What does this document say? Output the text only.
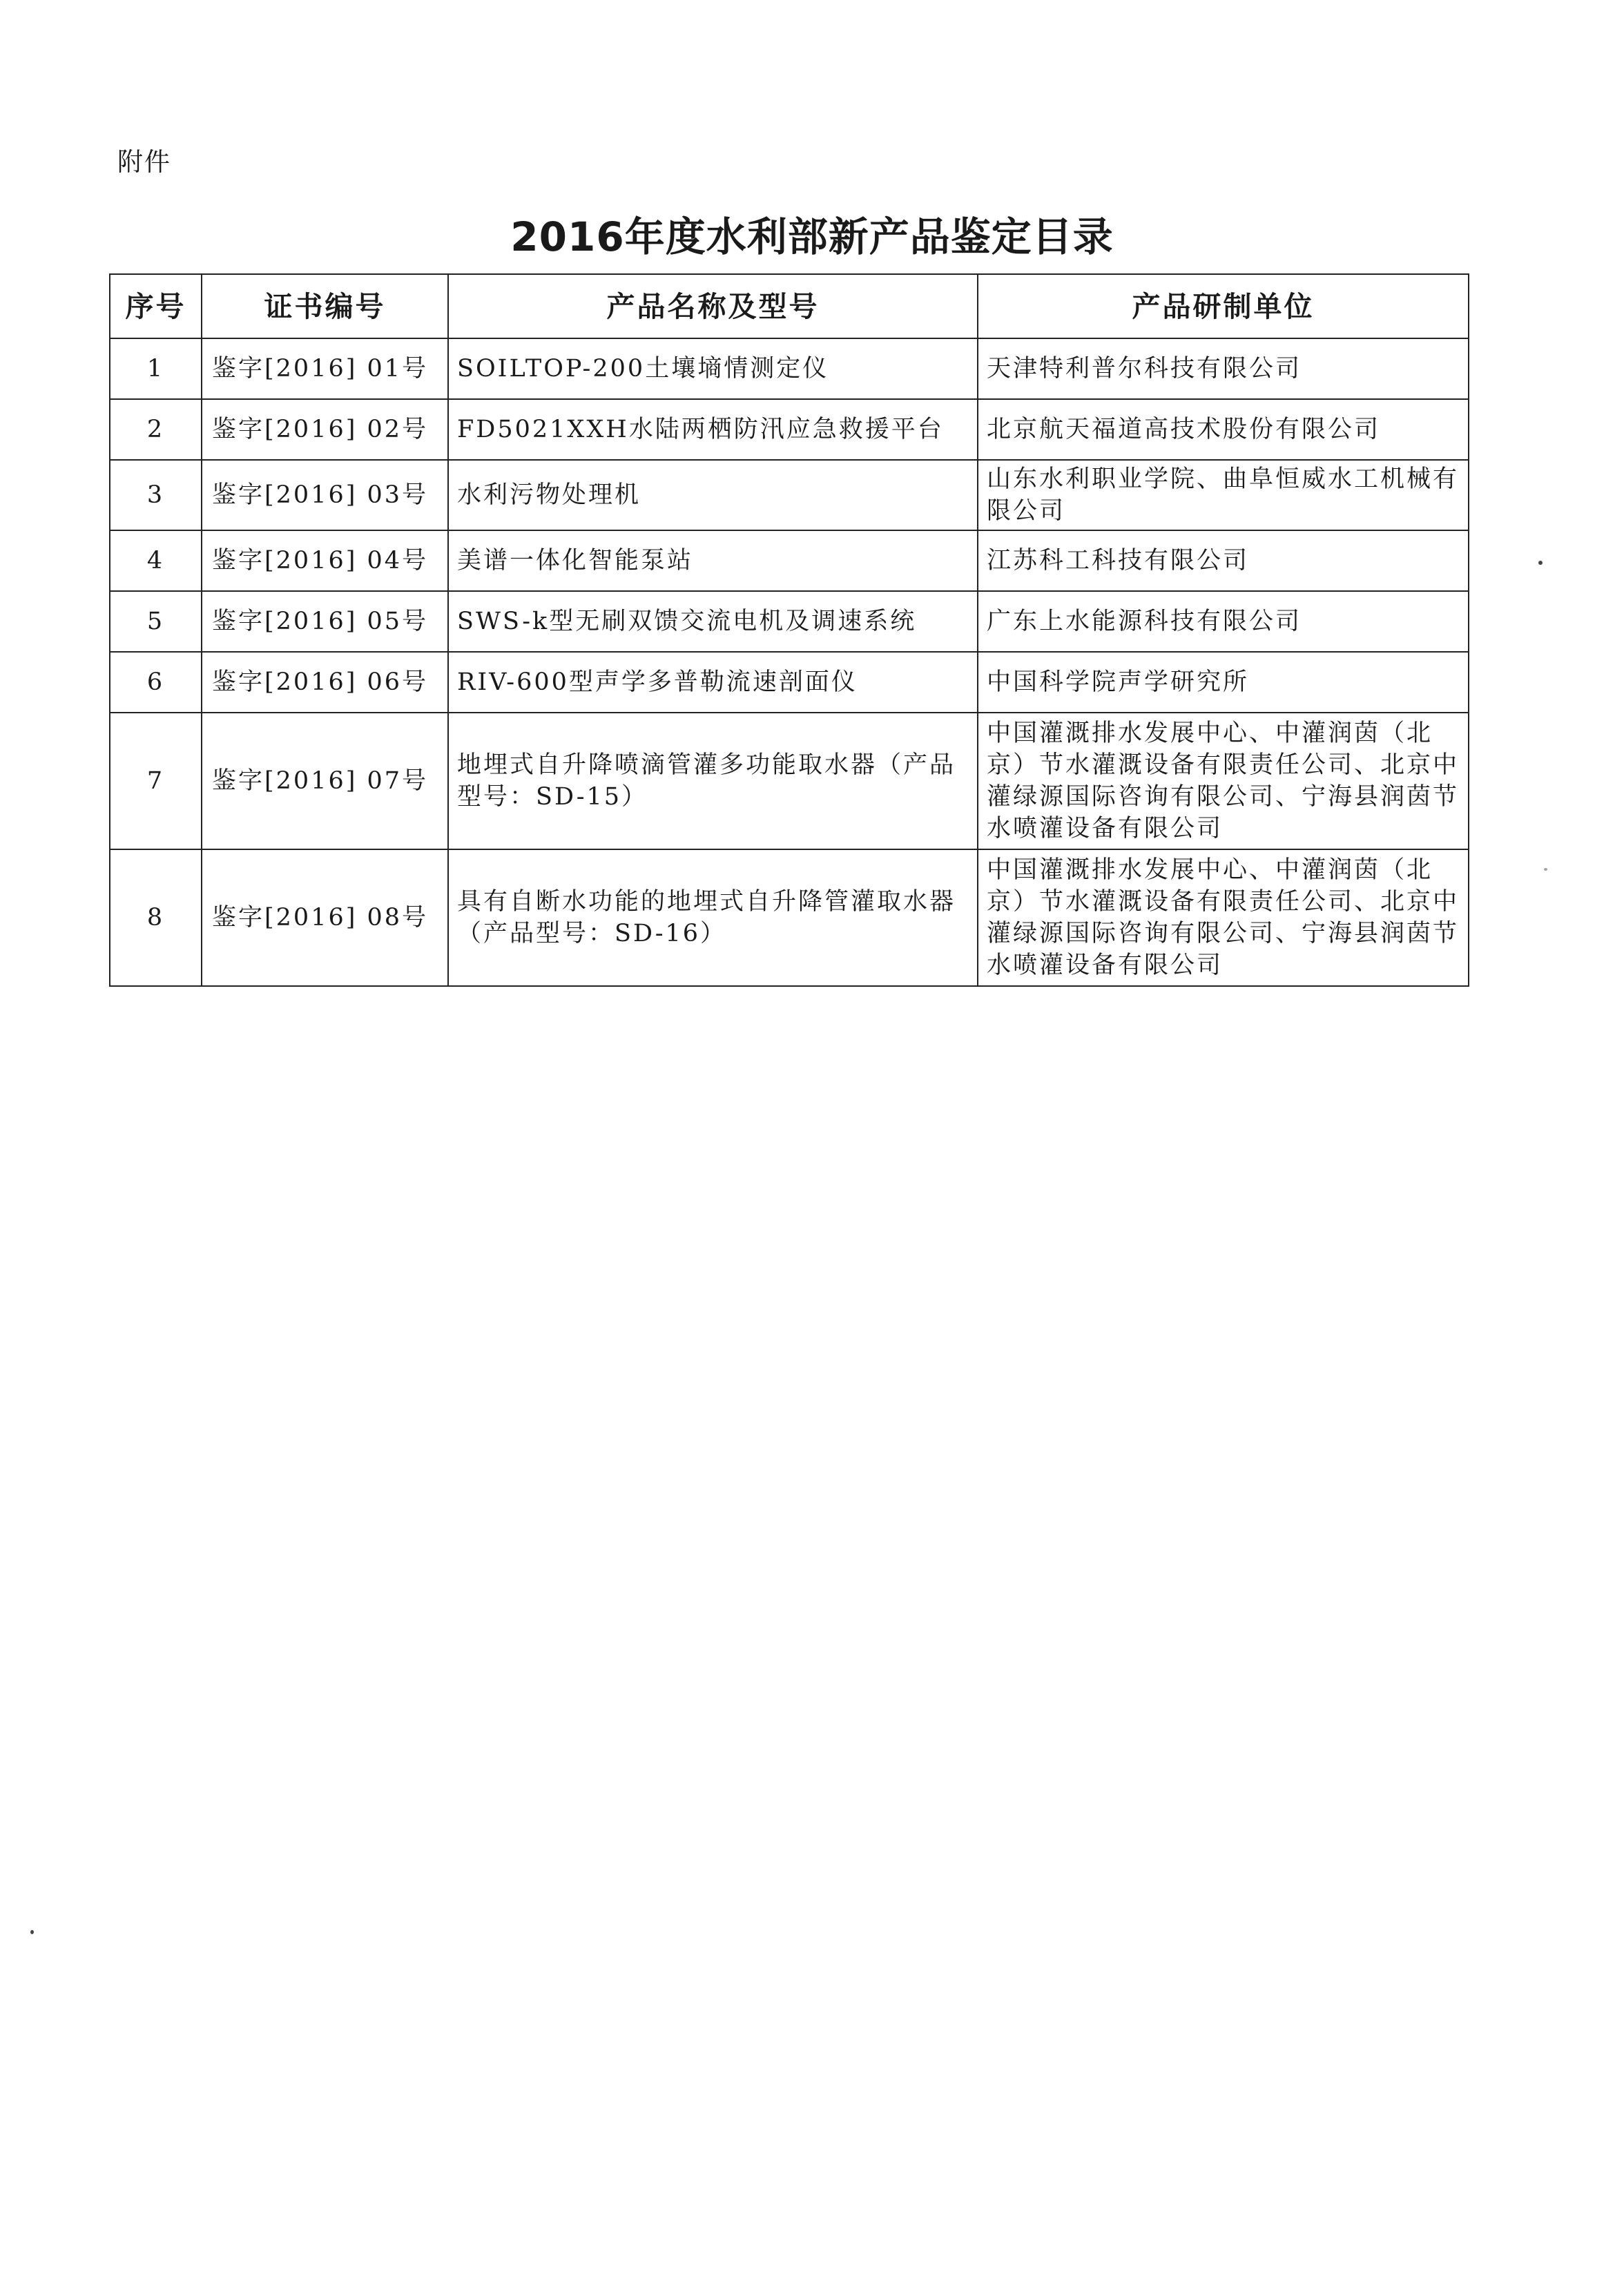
附件
2016年度水利部新产品鉴定目录
序号	证书编号	产品名称及型号	产品研制单位
1	鉴字[2016] 01号	SOILTOP-200土壤墒情测定仪	天津特利普尔科技有限公司
2	鉴字[2016] 02号	FD5021XXH水陆两栖防汛应急救援平台	北京航天福道高技术股份有限公司
3	鉴字[2016] 03号	水利污物处理机	山东水利职业学院、曲阜恒威水工机械有限公司
4	鉴字[2016] 04号	美谱一体化智能泵站	江苏科工科技有限公司
5	鉴字[2016] 05号	SWS-k型无刷双馈交流电机及调速系统	广东上水能源科技有限公司
6	鉴字[2016] 06号	RIV-600型声学多普勒流速剖面仪	中国科学院声学研究所
7	鉴字[2016] 07号	地埋式自升降喷滴管灌多功能取水器（产品型号：SD-15）	中国灌溉排水发展中心、中灌润茵（北京）节水灌溉设备有限责任公司、北京中灌绿源国际咨询有限公司、宁海县润茵节水喷灌设备有限公司
8	鉴字[2016] 08号	具有自断水功能的地埋式自升降管灌取水器（产品型号：SD-16）	中国灌溉排水发展中心、中灌润茵（北京）节水灌溉设备有限责任公司、北京中灌绿源国际咨询有限公司、宁海县润茵节水喷灌设备有限公司
